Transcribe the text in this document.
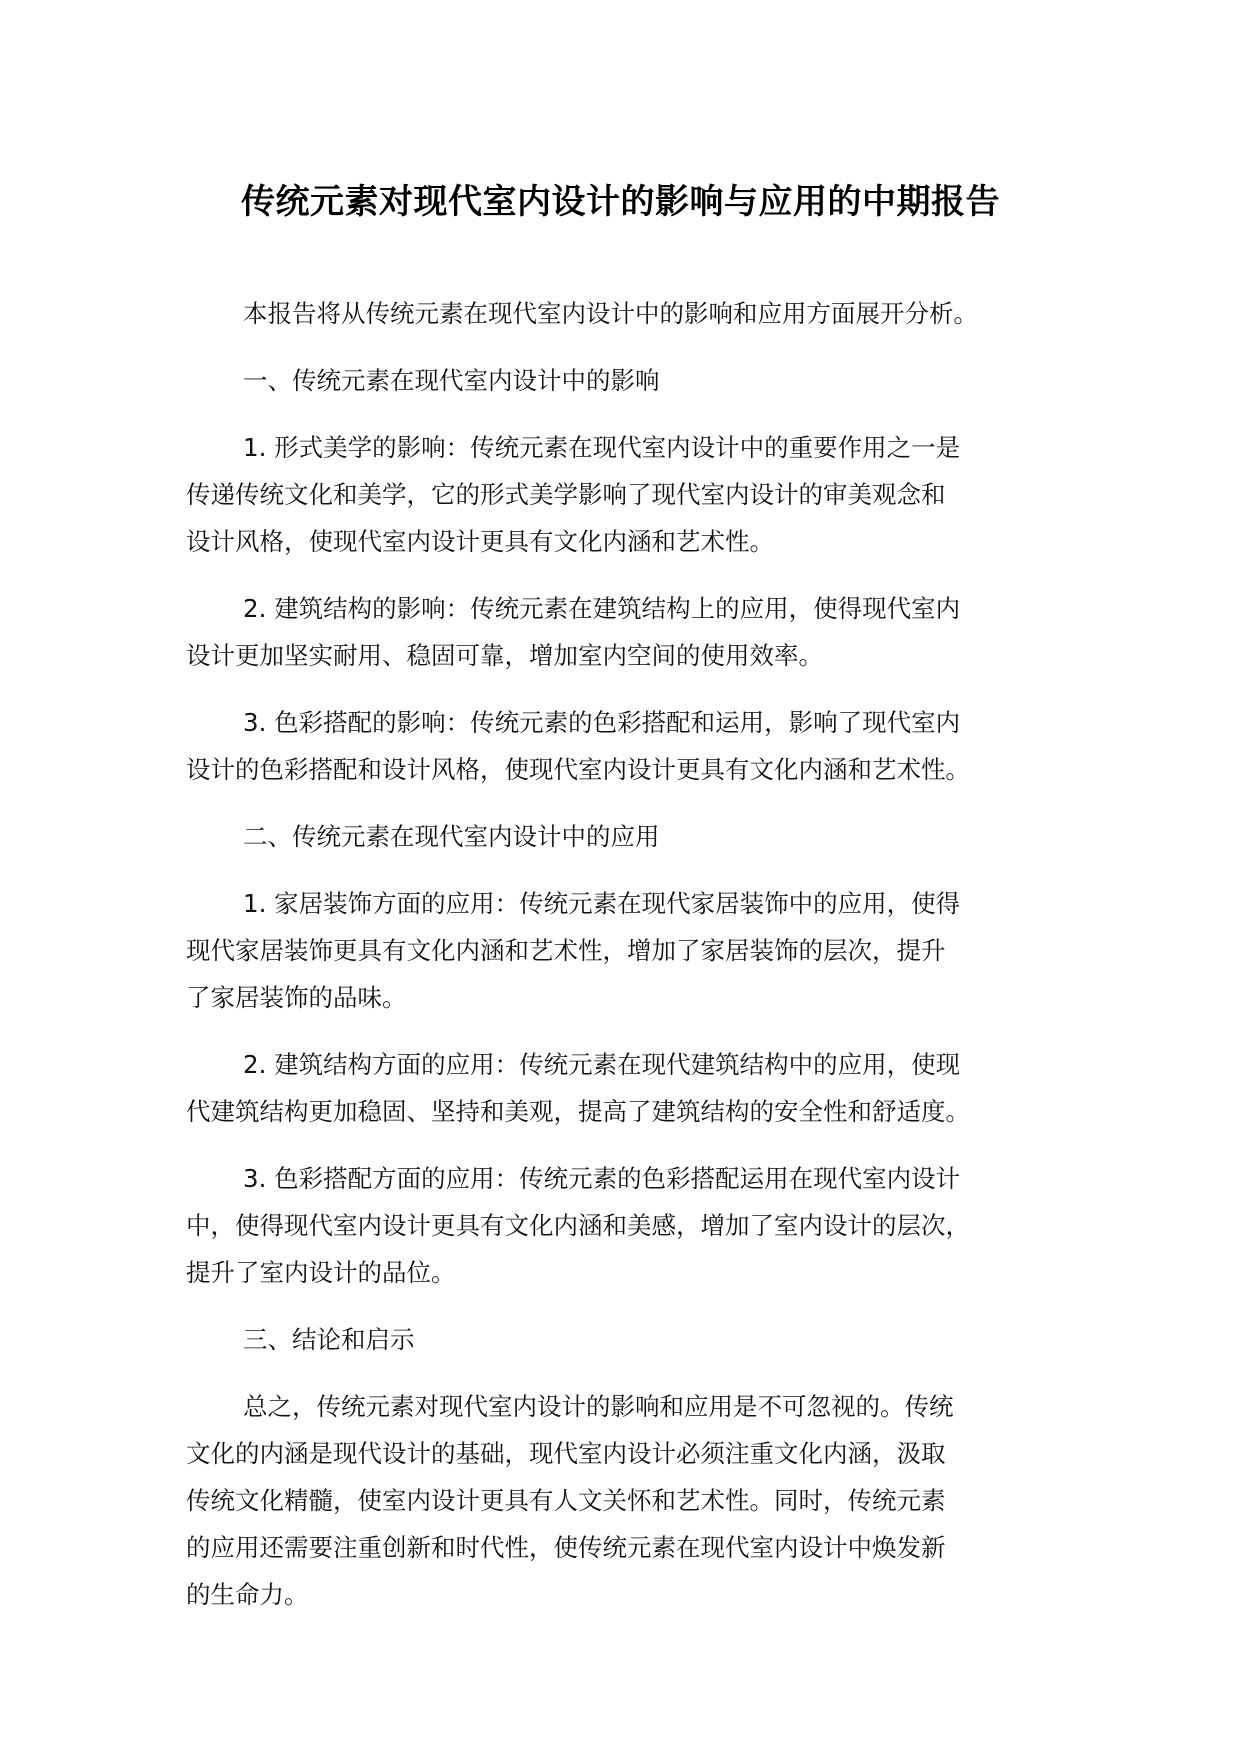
传统元素对现代室内设计的影响与应用的中期报告

本报告将从传统元素在现代室内设计中的影响和应用方面展开分析。

一、传统元素在现代室内设计中的影响

1. 形式美学的影响：传统元素在现代室内设计中的重要作用之一是
传递传统文化和美学，它的形式美学影响了现代室内设计的审美观念和
设计风格，使现代室内设计更具有文化内涵和艺术性。

2. 建筑结构的影响：传统元素在建筑结构上的应用，使得现代室内
设计更加坚实耐用、稳固可靠，增加室内空间的使用效率。

3. 色彩搭配的影响：传统元素的色彩搭配和运用，影响了现代室内
设计的色彩搭配和设计风格，使现代室内设计更具有文化内涵和艺术性。

二、传统元素在现代室内设计中的应用

1. 家居装饰方面的应用：传统元素在现代家居装饰中的应用，使得
现代家居装饰更具有文化内涵和艺术性，增加了家居装饰的层次，提升
了家居装饰的品味。

2. 建筑结构方面的应用：传统元素在现代建筑结构中的应用，使现
代建筑结构更加稳固、坚持和美观，提高了建筑结构的安全性和舒适度。

3. 色彩搭配方面的应用：传统元素的色彩搭配运用在现代室内设计
中，使得现代室内设计更具有文化内涵和美感，增加了室内设计的层次，
提升了室内设计的品位。

三、结论和启示

总之，传统元素对现代室内设计的影响和应用是不可忽视的。传统
文化的内涵是现代设计的基础，现代室内设计必须注重文化内涵，汲取
传统文化精髓，使室内设计更具有人文关怀和艺术性。同时，传统元素
的应用还需要注重创新和时代性，使传统元素在现代室内设计中焕发新
的生命力。
